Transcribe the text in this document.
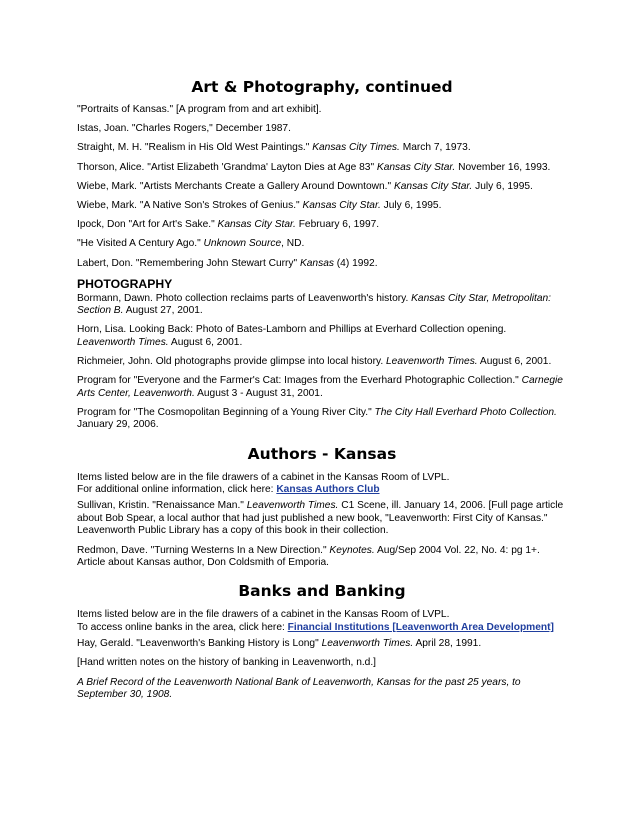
Art & Photography, continued

"Portraits of Kansas." [A program from and art exhibit].

Istas, Joan. "Charles Rogers," December 1987.

Straight, M. H. "Realism in His Old West Paintings." Kansas City Times. March 7, 1973.

Thorson, Alice. "Artist Elizabeth 'Grandma' Layton Dies at Age 83" Kansas City Star. November 16, 1993.

Wiebe, Mark. "Artists Merchants Create a Gallery Around Downtown." Kansas City Star. July 6, 1995.

Wiebe, Mark. "A Native Son's Strokes of Genius." Kansas City Star. July 6, 1995.

Ipock, Don "Art for Art's Sake." Kansas City Star. February 6, 1997.

"He Visited A Century Ago." Unknown Source, ND.

Labert, Don. "Remembering John Stewart Curry" Kansas (4) 1992.

PHOTOGRAPHY

Bormann, Dawn. Photo collection reclaims parts of Leavenworth's history. Kansas City Star, Metropolitan: Section B. August 27, 2001.

Horn, Lisa. Looking Back: Photo of Bates-Lamborn and Phillips at Everhard Collection opening. Leavenworth Times. August 6, 2001.

Richmeier, John. Old photographs provide glimpse into local history. Leavenworth Times. August 6, 2001.

Program for "Everyone and the Farmer's Cat: Images from the Everhard Photographic Collection." Carnegie Arts Center, Leavenworth. August 3 - August 31, 2001.

Program for "The Cosmopolitan Beginning of a Young River City." The City Hall Everhard Photo Collection. January 29, 2006.

Authors - Kansas

Items listed below are in the file drawers of a cabinet in the Kansas Room of LVPL.
For additional online information, click here: Kansas Authors Club

Sullivan, Kristin. "Renaissance Man." Leavenworth Times. C1 Scene, ill. January 14, 2006. [Full page article about Bob Spear, a local author that had just published a new book, "Leavenworth: First City of Kansas." Leavenworth Public Library has a copy of this book in their collection.

Redmon, Dave. "Turning Westerns In a New Direction." Keynotes. Aug/Sep 2004 Vol. 22, No. 4: pg 1+. Article about Kansas author, Don Coldsmith of Emporia.

Banks and Banking

Items listed below are in the file drawers of a cabinet in the Kansas Room of LVPL.
To access online banks in the area, click here: Financial Institutions [Leavenworth Area Development]

Hay, Gerald. "Leavenworth's Banking History is Long" Leavenworth Times. April 28, 1991.

[Hand written notes on the history of banking in Leavenworth, n.d.]

A Brief Record of the Leavenworth National Bank of Leavenworth, Kansas for the past 25 years, to September 30, 1908.
